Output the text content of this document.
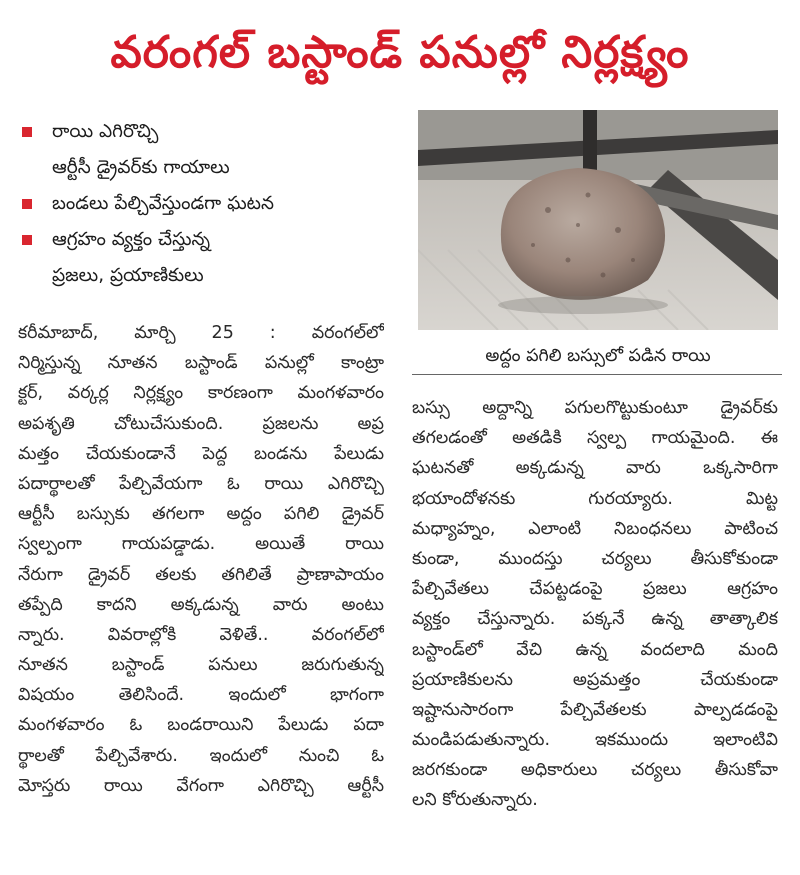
వరంగల్ బస్టాండ్ పనుల్లో నిర్లక్ష్యం
రాయి ఎగిరొచ్చి
ఆర్టీసీ డ్రైవర్‌కు గాయాలు
బండలు పేల్చివేస్తుండగా ఘటన
ఆగ్రహం వ్యక్తం చేస్తున్న
ప్రజలు, ప్రయాణికులు
అద్దం పగిలి బస్సులో పడిన రాయి
కరీమాబాద్, మార్చి 25 : వరంగల్‌లో
నిర్మిస్తున్న నూతన బస్టాండ్ పనుల్లో కాంట్రా
క్టర్, వర్కర్ల నిర్లక్ష్యం కారణంగా మంగళవారం
అపశృతి చోటుచేసుకుంది. ప్రజలను అప్ర
మత్తం చేయకుండానే పెద్ద బండను పేలుడు
పదార్థాలతో పేల్చివేయగా ఓ రాయి ఎగిరొచ్చి
ఆర్టీసీ బస్సుకు తగలగా అద్దం పగిలి డ్రైవర్
స్వల్పంగా గాయపడ్డాడు. అయితే రాయి
నేరుగా డ్రైవర్ తలకు తగిలితే ప్రాణాపాయం
తప్పేది కాదని అక్కడున్న వారు అంటు
న్నారు. వివరాల్లోకి వెళితే.. వరంగల్‌లో
నూతన బస్టాండ్ పనులు జరుగుతున్న
విషయం తెలిసిందే. ఇందులో భాగంగా
మంగళవారం ఓ బండరాయిని పేలుడు పదా
ర్థాలతో పేల్చివేశారు. ఇందులో నుంచి ఓ
మోస్తరు రాయి వేగంగా ఎగిరొచ్చి ఆర్టీసీ
బస్సు అద్దాన్ని పగులగొట్టుకుంటూ డ్రైవర్‌కు
తగలడంతో అతడికి స్వల్ప గాయమైంది. ఈ
ఘటనతో అక్కడున్న వారు ఒక్కసారిగా
భయాందోళనకు గురయ్యారు. మిట్ట
మధ్యాహ్నం, ఎలాంటి నిబంధనలు పాటించ
కుండా, ముందస్తు చర్యలు తీసుకోకుండా
పేల్చివేతలు చేపట్టడంపై ప్రజలు ఆగ్రహం
వ్యక్తం చేస్తున్నారు. పక్కనే ఉన్న తాత్కాలిక
బస్టాండ్‌లో వేచి ఉన్న వందలాది మంది
ప్రయాణికులను అప్రమత్తం చేయకుండా
ఇష్టానుసారంగా పేల్చివేతలకు పాల్పడడంపై
మండిపడుతున్నారు. ఇకముందు ఇలాంటివి
జరగకుండా అధికారులు చర్యలు తీసుకోవా
లని కోరుతున్నారు.
